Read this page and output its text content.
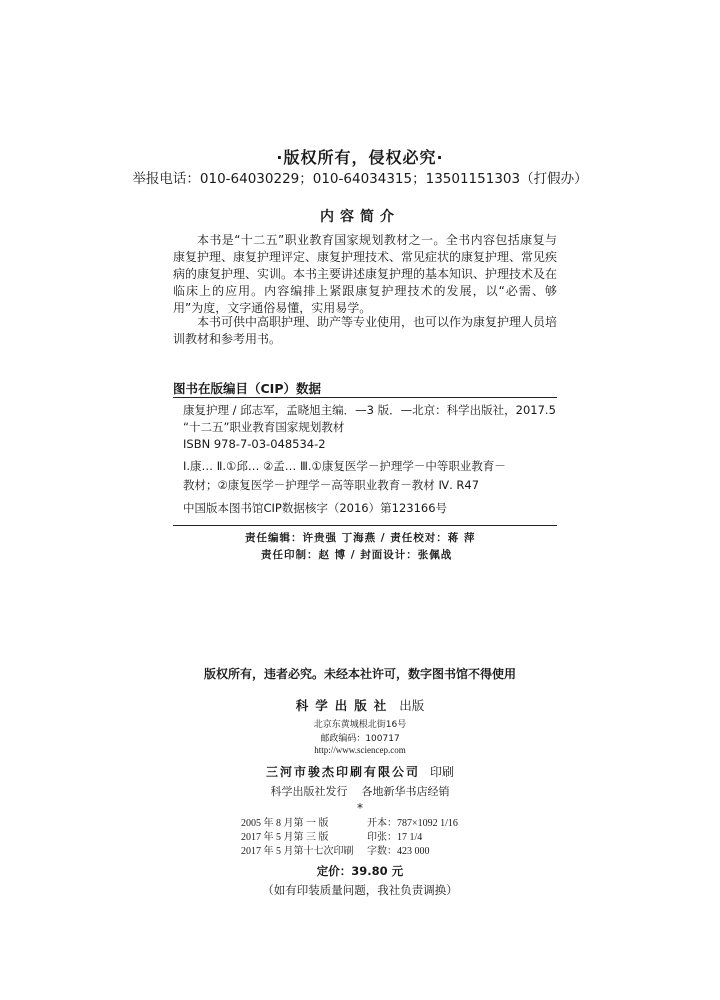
·版权所有，侵权必究·
举报电话：010-64030229；010-64034315；13501151303（打假办）
内容简介

本书是“十二五”职业教育国家规划教材之一。全书内容包括康复与康复护理、康复护理评定、康复护理技术、常见症状的康复护理、常见疾病的康复护理、实训。本书主要讲述康复护理的基本知识、护理技术及在临床上的应用。内容编排上紧跟康复护理技术的发展，以“必需、够用”为度，文字通俗易懂，实用易学。

本书可供中高职护理、助产等专业使用，也可以作为康复护理人员培训教材和参考用书。

图书在版编目（CIP）数据
康复护理 / 邱志军，孟晓旭主编．—3 版．—北京：科学出版社，2017.5
“十二五”职业教育国家规划教材
ISBN 978-7-03-048534-2
Ⅰ.康… Ⅱ.①邱… ②孟… Ⅲ.①康复医学－护理学－中等职业教育－
教材；②康复医学－护理学－高等职业教育－教材 Ⅳ. R47
中国版本图书馆CIP数据核字（2016）第123166号
责任编辑：许贵强 丁海燕 / 责任校对：蒋 萍
责任印制：赵 博 / 封面设计：张佩战
版权所有，违者必究。未经本社许可，数字图书馆不得使用
科学出版社 出版
北京东黄城根北街16号
邮政编码：100717
http://www.sciencep.com
三河市骏杰印刷有限公司 印刷
科学出版社发行 各地新华书店经销
*
2005 年 8 月第 一 版	开本：787×1092 1/16
2017 年 5 月第 三 版	印张：17 1/4
2017 年 5 月第十七次印刷	字数：423 000
定价：39.80 元
（如有印装质量问题，我社负责调换）
